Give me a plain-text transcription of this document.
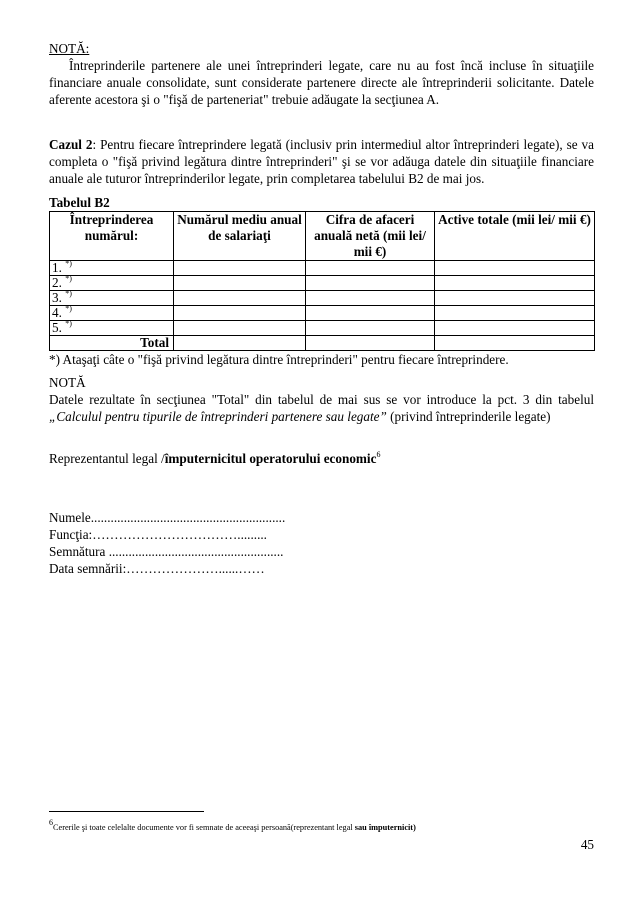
NOTĂ:

Întreprinderile partenere ale unei întreprinderi legate, care nu au fost încă incluse în situaţiile financiare anuale consolidate, sunt considerate partenere directe ale întreprinderii solicitante. Datele aferente acestora şi o "fişă de parteneriat" trebuie adăugate la secţiunea A.

Cazul 2: Pentru fiecare întreprindere legată (inclusiv prin intermediul altor întreprinderi legate), se va completa o "fişă privind legătura dintre întreprinderi" şi se vor adăuga datele din situaţiile financiare anuale ale tuturor întreprinderilor legate, prin completarea tabelului B2 de mai jos.

Tabelul B2
Întreprinderea numărul:	Numărul mediu anual de salariaţi	Cifra de afaceri anuală netă (mii lei/ mii €)	Active totale (mii lei/ mii €)
1. *)			
2. *)			
3. *)			
4. *)			
5. *)			
Total			
*) Ataşaţi câte o "fişă privind legătura dintre întreprinderi" pentru fiecare întreprindere.
NOTĂ

Datele rezultate în secţiunea "Total" din tabelul de mai sus se vor introduce la pct. 3 din tabelul „Calculul pentru tipurile de întreprinderi partenere sau legate” (privind întreprinderile legate)

Reprezentantul legal /împuternicitul operatorului economic$^6$
Numele...........................................................
Funcţia:…………………………….........
Semnătura .....................................................
Data semnării:…………………......……
$^6$Cererile şi toate celelalte documente vor fi semnate de aceeaşi persoană(reprezentant legal sau împuternicit)
45
